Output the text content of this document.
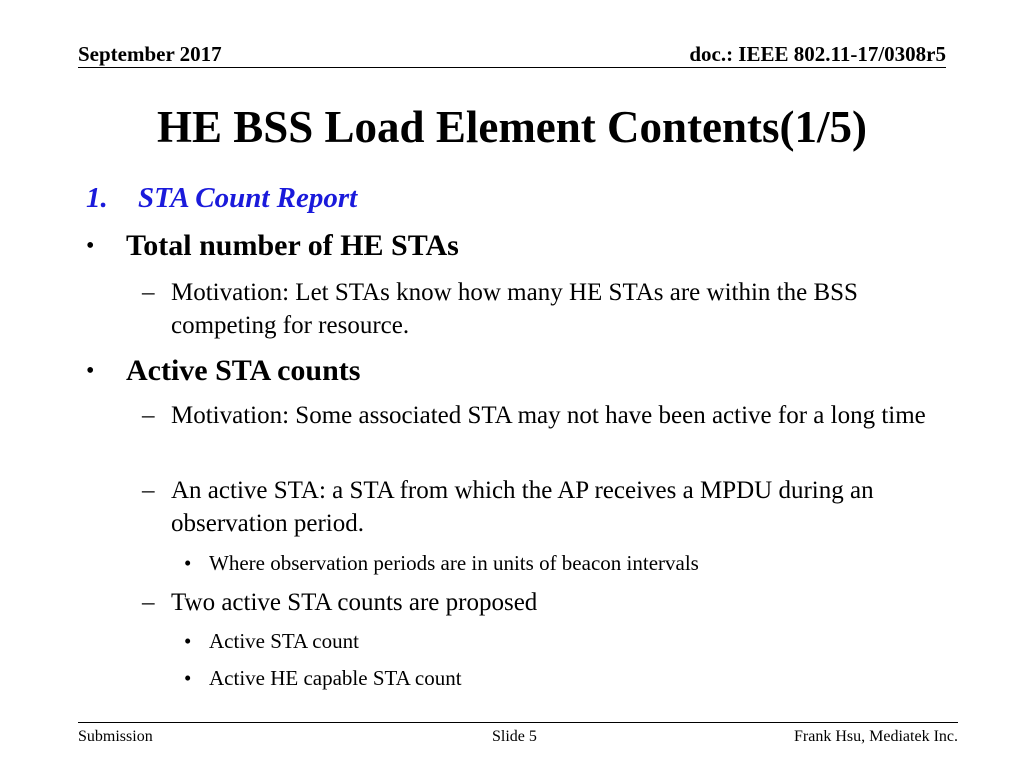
September 2017	doc.: IEEE 802.11-17/0308r5
HE BSS Load Element Contents(1/5)
1. STA Count Report
• Total number of HE STAs
– Motivation: Let STAs know how many HE STAs are within the BSS competing for resource.
• Active STA counts
– Motivation: Some associated STA may not have been active for a long time
– An active STA: a STA from which the AP receives a MPDU during an observation period.
• Where observation periods are in units of beacon intervals
– Two active STA counts are proposed
• Active STA count
• Active HE capable STA count
Submission	Slide 5	Frank Hsu, Mediatek Inc.
